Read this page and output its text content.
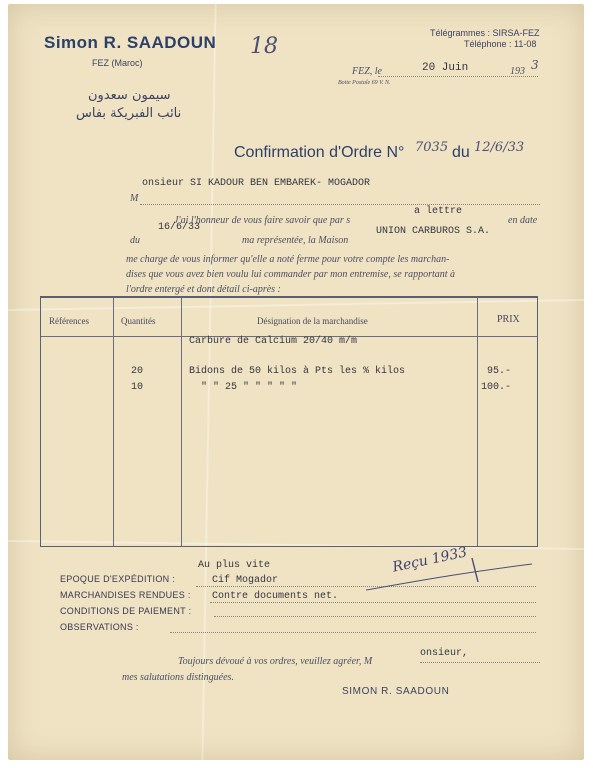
Simon R. SAADOUN
FEZ (Maroc)
سيمون سعدون
نائب الفبريكة بفاس
18
Télégrammes : SIRSA-FEZ
Téléphone : 11-08
FEZ, le	20 Juin	193 3
Boite Postale 69 V. N.
Confirmation d'Ordre N° 7035 du 12/6/33
onsieur SI KADOUR BEN EMBAREK- MOGADOR
M
J'ai l'honneur de vous faire savoir que par s
a lettre
en date
du
16/6/33
ma représentée, la Maison
UNION CARBUROS S.A.
me charge de vous informer qu'elle a noté ferme pour votre compte les marchan-
dises que vous avez bien voulu lui commander par mon entremise, se rapportant à
l'ordre entergé et dont détail ci-après :
Références	Quantités	Désignation de la marchandise	PRIX
Carbure de Calcium 20/40 m/m
20	Bidons de 50 kilos à Pts les % kilos	95.-
10	" " 25 " " " " "	100.-
Au plus vite
EPOQUE D'EXPÉDITION :	Cif Mogador
MARCHANDISES RENDUES : Contre documents net.
CONDITIONS DE PAIEMENT :
OBSERVATIONS :
Reçu 1933
Toujours dévoué à vos ordres, veuillez agréer, M
onsieur,
mes salutations distinguées.
SIMON R. SAADOUN
